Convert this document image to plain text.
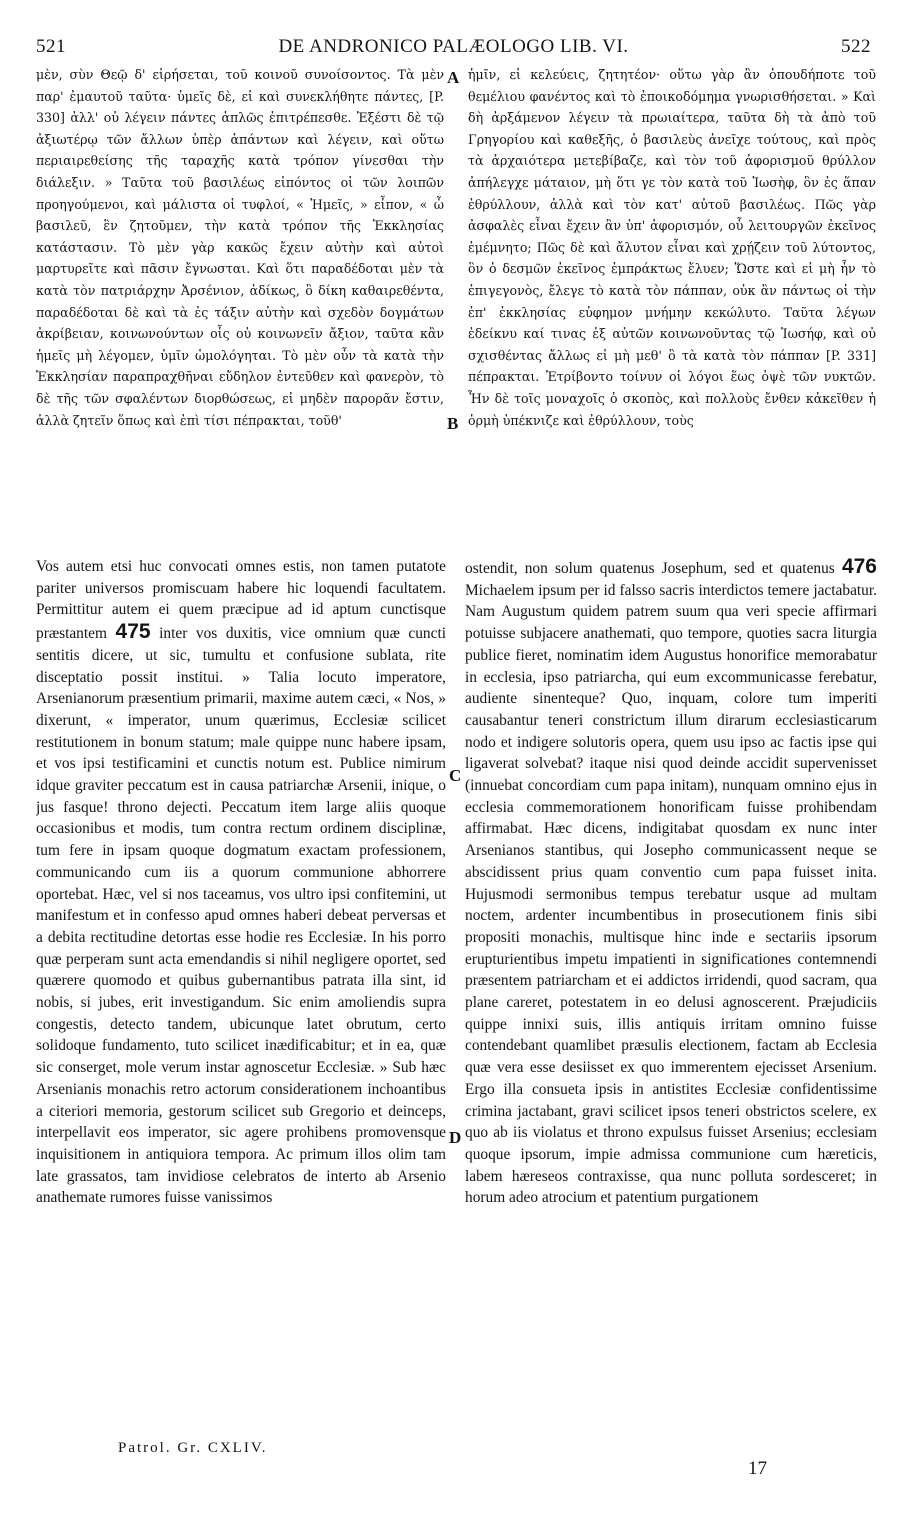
521	DE ANDRONICO PALÆOLOGO LIB. VI.	522

μὲν, σὺν Θεῷ δ' εἰρήσεται, τοῦ κοινοῦ συνοίσοντος. Τὰ μὲν παρ' ἐμαυτοῦ ταῦτα· ὑμεῖς δὲ, εἰ καὶ συνεκλήθητε πάντες, [P. 330] ἀλλ' οὐ λέγειν πάντες ἁπλῶς ἐπιτρέπεσθε. Ἐξέστι δὲ τῷ ἀξιωτέρῳ τῶν ἄλλων ὑπὲρ ἁπάντων καὶ λέγειν, καὶ οὕτω περιαιρεθείσης τῆς ταραχῆς κατὰ τρόπον γίνεσθαι τὴν διάλεξιν. » Ταῦτα τοῦ βασιλέως εἰπόντος οἱ τῶν λοιπῶν προηγούμενοι, καὶ μάλιστα οἱ τυφλοί, « Ἡμεῖς, » εἶπον, « ὦ βασιλεῦ, ἓν ζητοῦμεν, τὴν κατὰ τρόπον τῆς Ἐκκλησίας κατάστασιν. Τὸ μὲν γὰρ κακῶς ἔχειν αὐτὴν καὶ αὐτοὶ μαρτυρεῖτε καὶ πᾶσιν ἔγνωσται. Καὶ ὅτι παραδέδοται μὲν τὰ κατὰ τὸν πατριάρχην Ἀρσένιον, ἀδίκως, ὃ δίκη καθαιρεθέντα, παραδέδοται δὲ καὶ τὰ ἐς τάξιν αὐτὴν καὶ σχεδὸν δογμάτων ἀκρίβειαν, κοινωνούντων οἷς οὐ κοινωνεῖν ἄξιον, ταῦτα κἂν ἡμεῖς μὴ λέγομεν, ὑμῖν ὡμολόγηται. Τὸ μὲν οὖν τὰ κατὰ τὴν Ἐκκλησίαν παραπραχθῆναι εὔδηλον ἐντεῦθεν καὶ φανερὸν, τὸ δὲ τῆς τῶν σφαλέντων διορθώσεως, εἰ μηδὲν παρορᾶν ἔστιν, ἀλλὰ ζητεῖν ὅπως καὶ ἐπὶ τίσι πέπρακται, τοῦθ'

ἡμῖν, εἰ κελεύεις, ζητητέον· οὕτω γὰρ ἂν ὁπουδήποτε τοῦ θεμέλιου φανέντος καὶ τὸ ἐποικοδόμημα γνωρισθήσεται. » Καὶ δὴ ἀρξάμενον λέγειν τὰ πρωιαίτερα, ταῦτα δὴ τὰ ἀπὸ τοῦ Γρηγορίου καὶ καθεξῆς, ὁ βασιλεὺς ἀνεῖχε τούτους, καὶ πρὸς τὰ ἀρχαιότερα μετεβίβαζε, καὶ τὸν τοῦ ἀφορισμοῦ θρύλλον ἀπήλεγχε μάταιον, μὴ ὅτι γε τὸν κατὰ τοῦ Ἰωσὴφ, ὃν ἐς ἅπαν ἐθρύλλουν, ἀλλὰ καὶ τὸν κατ' αὐτοῦ βασιλέως. Πῶς γὰρ ἀσφαλὲς εἶναι ἔχειν ἂν ὑπ' ἀφορισμόν, οὗ λειτουργῶν ἐκεῖνος ἐμέμνητο; Πῶς δὲ καὶ ἄλυτον εἶναι καὶ χρῄζειν τοῦ λύτοντος, ὃν ὁ δεσμῶν ἐκεῖνος ἐμπράκτως ἔλυεν; Ὥστε καὶ εἰ μὴ ἦν τὸ ἐπιγεγονὸς, ἔλεγε τὸ κατὰ τὸν πάππαν, οὐκ ἂν πάντως οἱ τὴν ἐπ' ἐκκλησίας εὐφημον μνήμην κεκώλυτο. Ταῦτα λέγων ἐδείκνυ καί τινας ἐξ αὐτῶν κοινωνοῦντας τῷ Ἰωσήφ, καὶ οὐ σχισθέντας ἄλλως εἰ μὴ μεθ' ὃ τὰ κατὰ τὸν πάππαν [P. 331] πέπρακται. Ἐτρίβοντο τοίνυν οἱ λόγοι ἕως ὀψὲ τῶν νυκτῶν. Ἦν δὲ τοῖς μοναχοῖς ὁ σκοπὸς, καὶ πολλοὺς ἔνθεν κἀκεῖθεν ἡ ὁρμὴ ὑπέκνιζε καὶ ἐθρύλλουν, τοὺς

A
B
C
D

Vos autem etsi huc convocati omnes estis, non tamen putatote pariter universos promiscuam habere hic loquendi facultatem. Permittitur autem ei quem præcipue ad id aptum cunctisque præstantem 475 inter vos duxitis, vice omnium quæ cuncti sentitis dicere, ut sic, tumultu et confusione sublata, rite disceptatio possit institui. » Talia locuto imperatore, Arsenianorum præsentium primarii, maxime autem cæci, « Nos, » dixerunt, « imperator, unum quærimus, Ecclesiæ scilicet restitutionem in bonum statum; male quippe nunc habere ipsam, et vos ipsi testificamini et cunctis notum est. Publice nimirum idque graviter peccatum est in causa patriarchæ Arsenii, inique, o jus fasque! throno dejecti. Peccatum item large aliis quoque occasionibus et modis, tum contra rectum ordinem disciplinæ, tum fere in ipsam quoque dogmatum exactam professionem, communicando cum iis a quorum communione abhorrere oportebat. Hæc, vel si nos taceamus, vos ultro ipsi confitemini, ut manifestum et in confesso apud omnes haberi debeat perversas et a debita rectitudine detortas esse hodie res Ecclesiæ. In his porro quæ perperam sunt acta emendandis si nihil negligere oportet, sed quærere quomodo et quibus gubernantibus patrata illa sint, id nobis, si jubes, erit investigandum. Sic enim amoliendis supra congestis, detecto tandem, ubicunque latet obrutum, certo solidoque fundamento, tuto scilicet inædificabitur; et in ea, quæ sic conserget, mole verum instar agnoscetur Ecclesiæ. » Sub hæc Arsenianis monachis retro actorum considerationem inchoantibus a citeriori memoria, gestorum scilicet sub Gregorio et deinceps, interpellavit eos imperator, sic agere prohibens promovensque inquisitionem in antiquiora tempora. Ac primum illos olim tam late grassatos, tam invidiose celebratos de interto ab Arsenio anathemate rumores fuisse vanissimos

ostendit, non solum quatenus Josephum, sed et quatenus 476 Michaelem ipsum per id falsso sacris interdictos temere jactabatur. Nam Augustum quidem patrem suum qua veri specie affirmari potuisse subjacere anathemati, quo tempore, quoties sacra liturgia publice fieret, nominatim idem Augustus honorifice memorabatur in ecclesia, ipso patriarcha, qui eum excommunicasse ferebatur, audiente sinenteque? Quo, inquam, colore tum imperiti causabantur teneri constrictum illum dirarum ecclesiasticarum nodo et indigere solutoris opera, quem usu ipso ac factis ipse qui ligaverat solvebat? itaque nisi quod deinde accidit supervenisset (innuebat concordiam cum papa initam), nunquam omnino ejus in ecclesia commemorationem honorificam fuisse prohibendam affirmabat. Hæc dicens, indigitabat quosdam ex nunc inter Arsenianos stantibus, qui Josepho communicassent neque se abscidissent prius quam conventio cum papa fuisset inita. Hujusmodi sermonibus tempus terebatur usque ad multam noctem, ardenter incumbentibus in prosecutionem finis sibi propositi monachis, multisque hinc inde e sectariis ipsorum erupturientibus impetu impatienti in significationes contemnendi præsentem patriarcham et ei addictos irridendi, quod sacram, qua plane careret, potestatem in eo delusi agnoscerent. Præjudiciis quippe innixi suis, illis antiquis irritam omnino fuisse contendebant quamlibet præsulis electionem, factam ab Ecclesia quæ vera esse desiisset ex quo immerentem ejecisset Arsenium. Ergo illa consueta ipsis in antistites Ecclesiæ confidentissime crimina jactabant, gravi scilicet ipsos teneri obstrictos scelere, ex quo ab iis violatus et throno expulsus fuisset Arsenius; ecclesiam quoque ipsorum, impie admissa communione cum hæreticis, labem hæreseos contraxisse, qua nunc polluta sordesceret; in horum adeo atrocium et patentium purgationem

Patrol. Gr. CXLIV.
17
